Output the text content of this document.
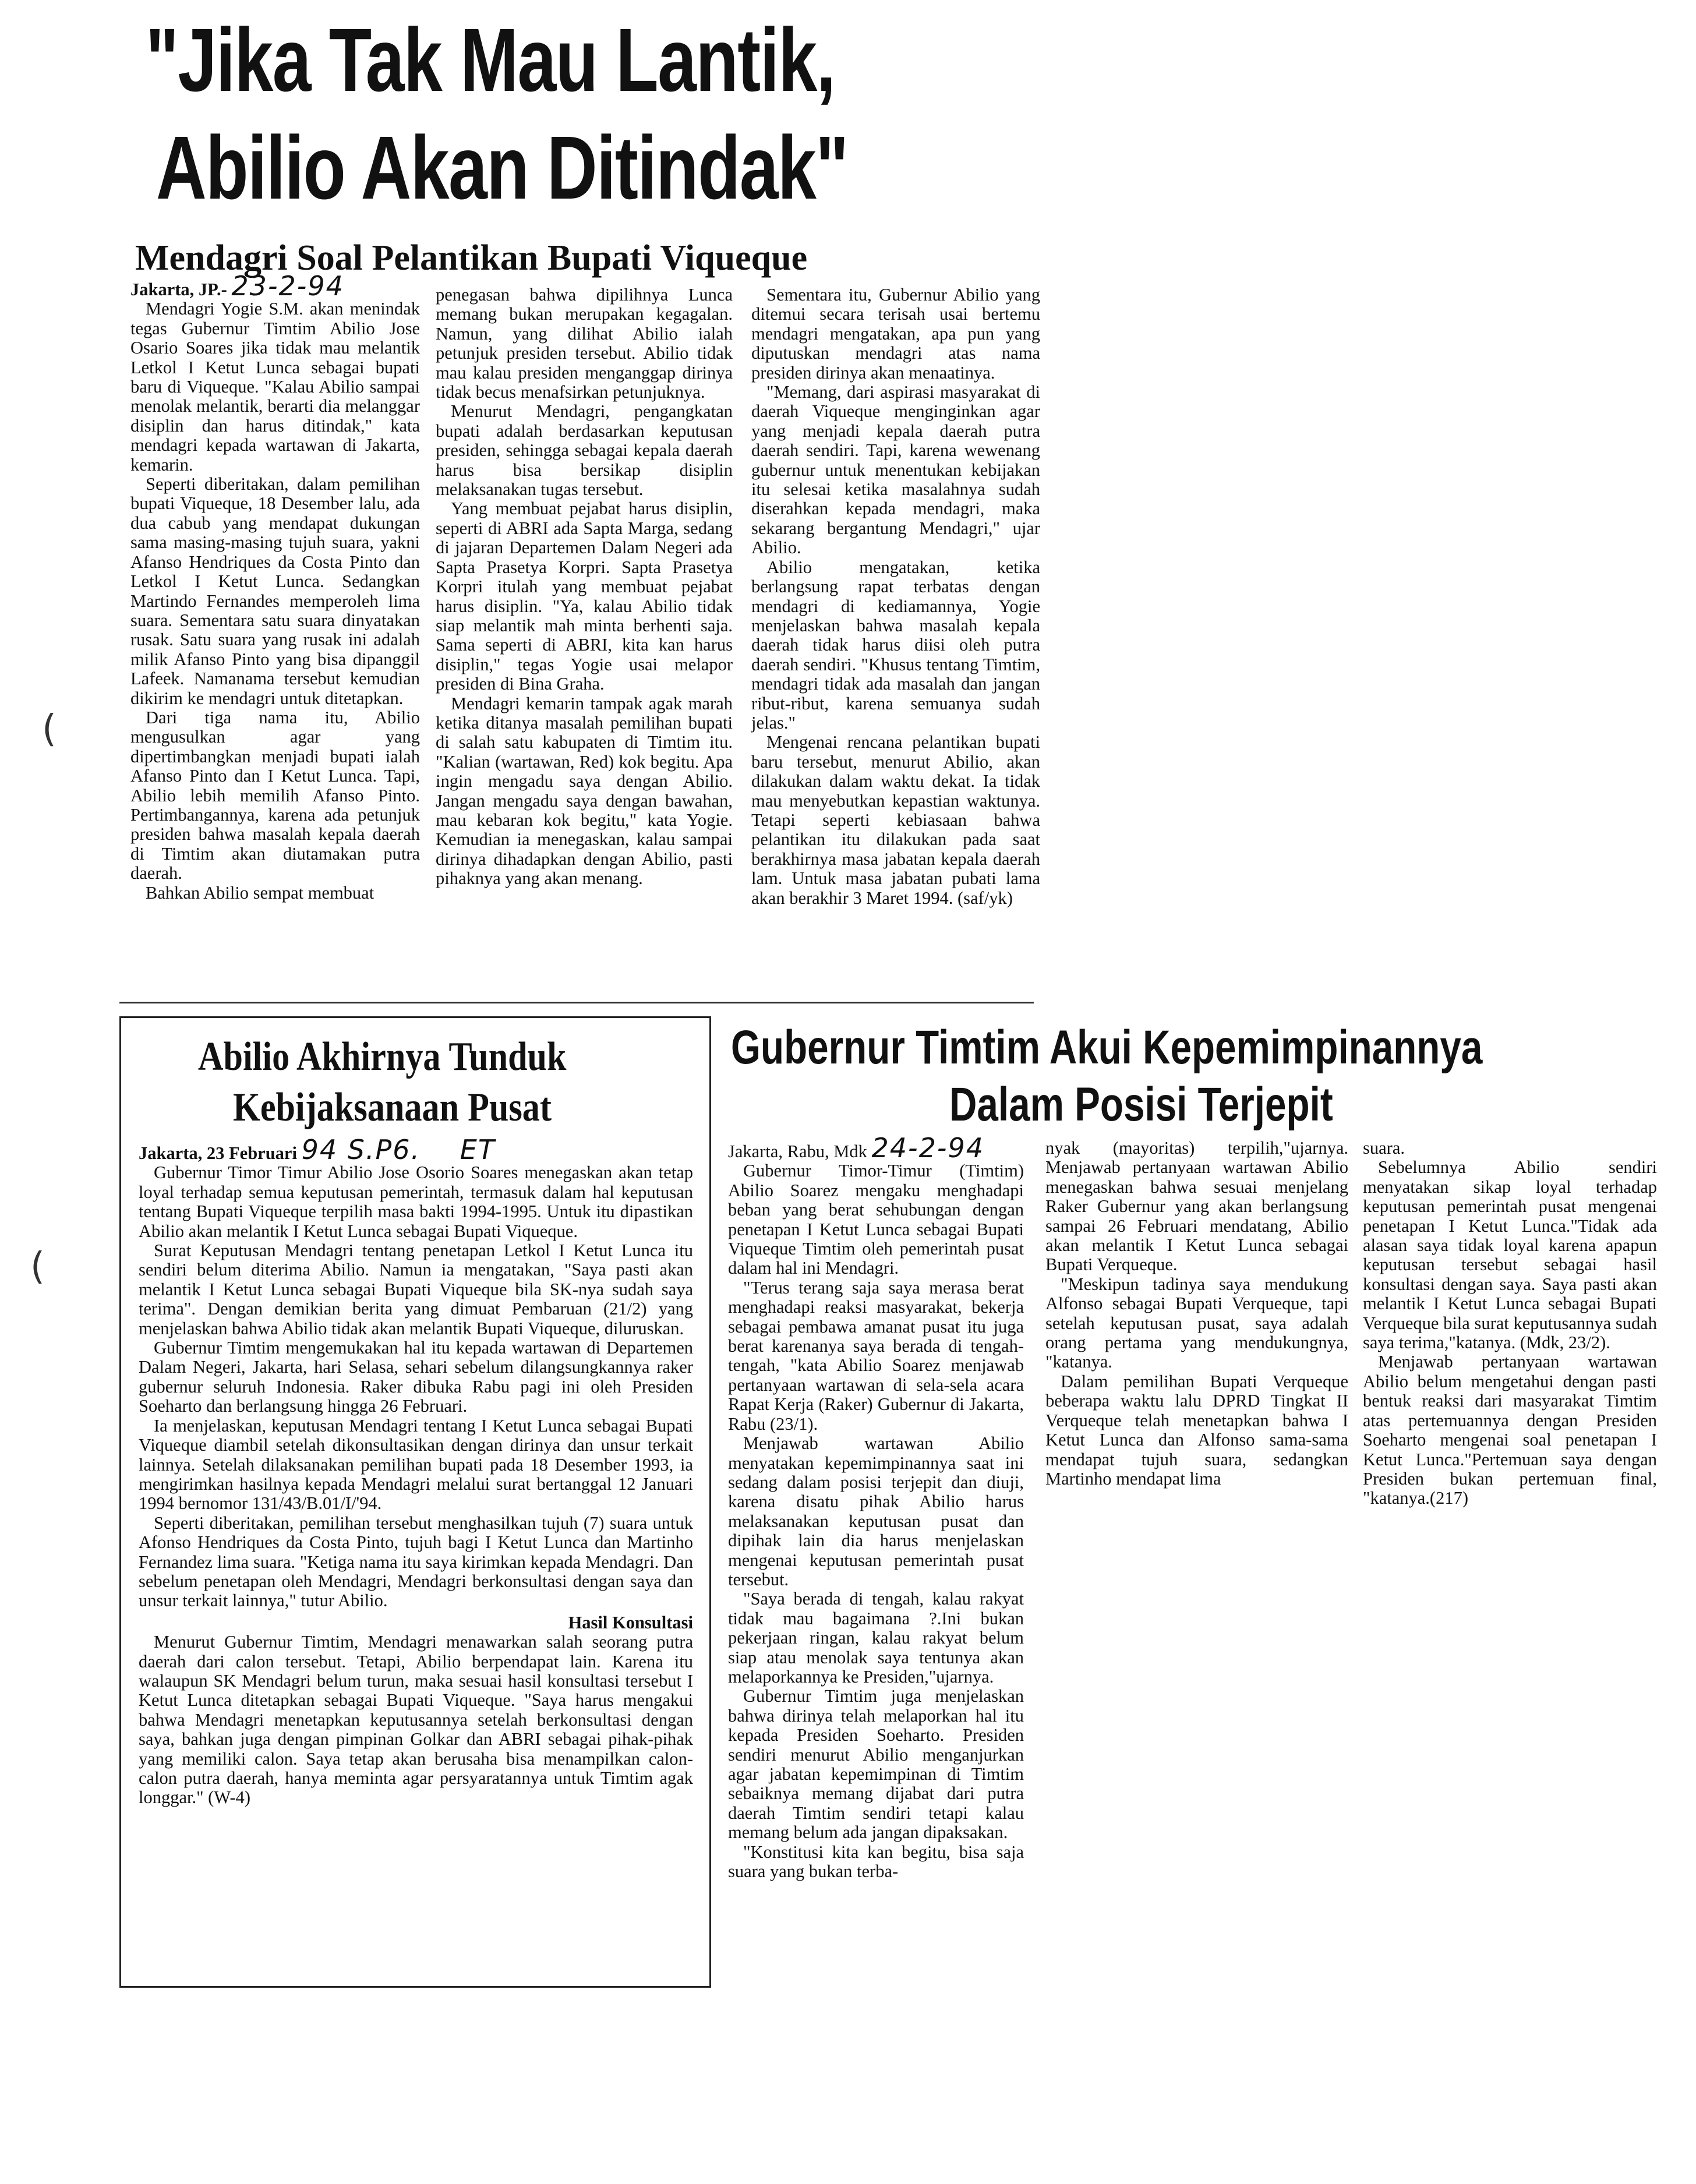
"Jika Tak Mau Lantik,
Abilio Akan Ditindak"
Mendagri Soal Pelantikan Bupati Viqueque

Jakarta, JP.- 23-2-94

Mendagri Yogie S.M. akan menindak tegas Gubernur Timtim Abilio Jose Osario Soares jika tidak mau melantik Letkol I Ketut Lunca sebagai bupati baru di Viqueque. "Kalau Abilio sampai menolak melantik, berarti dia melanggar disiplin dan harus ditindak," kata mendagri kepada wartawan di Jakarta, kemarin.

Seperti diberitakan, dalam pemilihan bupati Viqueque, 18 Desember lalu, ada dua cabub yang mendapat dukungan sama masing-masing tujuh suara, yakni Afanso Hendriques da Costa Pinto dan Letkol I Ketut Lunca. Sedangkan Martindo Fernandes memperoleh lima suara. Sementara satu suara dinyatakan rusak. Satu suara yang rusak ini adalah milik Afanso Pinto yang bisa dipanggil Lafeek. Namanama tersebut kemudian dikirim ke mendagri untuk ditetapkan.

Dari tiga nama itu, Abilio mengusulkan agar yang dipertimbangkan menjadi bupati ialah Afanso Pinto dan I Ketut Lunca. Tapi, Abilio lebih memilih Afanso Pinto. Pertimbangannya, karena ada petunjuk presiden bahwa masalah kepala daerah di Timtim akan diutamakan putra daerah.

Bahkan Abilio sempat membuat

penegasan bahwa dipilihnya Lunca memang bukan merupakan kegagalan. Namun, yang dilihat Abilio ialah petunjuk presiden tersebut. Abilio tidak mau kalau presiden menganggap dirinya tidak becus menafsirkan petunjuknya.

Menurut Mendagri, pengangkatan bupati adalah berdasarkan keputusan presiden, sehingga sebagai kepala daerah harus bisa bersikap disiplin melaksanakan tugas tersebut.

Yang membuat pejabat harus disiplin, seperti di ABRI ada Sapta Marga, sedang di jajaran Departemen Dalam Negeri ada Sapta Prasetya Korpri. Sapta Prasetya Korpri itulah yang membuat pejabat harus disiplin. "Ya, kalau Abilio tidak siap melantik mah minta berhenti saja. Sama seperti di ABRI, kita kan harus disiplin," tegas Yogie usai melapor presiden di Bina Graha.

Mendagri kemarin tampak agak marah ketika ditanya masalah pemilihan bupati di salah satu kabupaten di Timtim itu. "Kalian (wartawan, Red) kok begitu. Apa ingin mengadu saya dengan Abilio. Jangan mengadu saya dengan bawahan, mau kebaran kok begitu," kata Yogie. Kemudian ia menegaskan, kalau sampai dirinya dihadapkan dengan Abilio, pasti pihaknya yang akan menang.

Sementara itu, Gubernur Abilio yang ditemui secara terisah usai bertemu mendagri mengatakan, apa pun yang diputuskan mendagri atas nama presiden dirinya akan menaatinya.

"Memang, dari aspirasi masyarakat di daerah Viqueque menginginkan agar yang menjadi kepala daerah putra daerah sendiri. Tapi, karena wewenang gubernur untuk menentukan kebijakan itu selesai ketika masalahnya sudah diserahkan kepada mendagri, maka sekarang bergantung Mendagri," ujar Abilio.

Abilio mengatakan, ketika berlangsung rapat terbatas dengan mendagri di kediamannya, Yogie menjelaskan bahwa masalah kepala daerah tidak harus diisi oleh putra daerah sendiri. "Khusus tentang Timtim, mendagri tidak ada masalah dan jangan ribut-ribut, karena semuanya sudah jelas."

Mengenai rencana pelantikan bupati baru tersebut, menurut Abilio, akan dilakukan dalam waktu dekat. Ia tidak mau menyebutkan kepastian waktunya. Tetapi seperti kebiasaan bahwa pelantikan itu dilakukan pada saat berakhirnya masa jabatan kepala daerah lam. Untuk masa jabatan pubati lama akan berakhir 3 Maret 1994. (saf/yk)

Abilio Akhirnya Tunduk
Kebijaksanaan Pusat

Jakarta, 23 Februari 94 S.P6. ET

Gubernur Timor Timur Abilio Jose Osorio Soares menegaskan akan tetap loyal terhadap semua keputusan pemerintah, termasuk dalam hal keputusan tentang Bupati Viqueque terpilih masa bakti 1994-1995. Untuk itu dipastikan Abilio akan melantik I Ketut Lunca sebagai Bupati Viqueque.

Surat Keputusan Mendagri tentang penetapan Letkol I Ketut Lunca itu sendiri belum diterima Abilio. Namun ia mengatakan, "Saya pasti akan melantik I Ketut Lunca sebagai Bupati Viqueque bila SK-nya sudah saya terima". Dengan demikian berita yang dimuat Pembaruan (21/2) yang menjelaskan bahwa Abilio tidak akan melantik Bupati Viqueque, diluruskan.

Gubernur Timtim mengemukakan hal itu kepada wartawan di Departemen Dalam Negeri, Jakarta, hari Selasa, sehari sebelum dilangsungkannya raker gubernur seluruh Indonesia. Raker dibuka Rabu pagi ini oleh Presiden Soeharto dan berlangsung hingga 26 Februari.

Ia menjelaskan, keputusan Mendagri tentang I Ketut Lunca sebagai Bupati Viqueque diambil setelah dikonsultasikan dengan dirinya dan unsur terkait lainnya. Setelah dilaksanakan pemilihan bupati pada 18 Desember 1993, ia mengirimkan hasilnya kepada Mendagri melalui surat bertanggal 12 Januari 1994 bernomor 131/43/B.01/I/'94.

Seperti diberitakan, pemilihan tersebut menghasilkan tujuh (7) suara untuk Afonso Hendriques da Costa Pinto, tujuh bagi I Ketut Lunca dan Martinho Fernandez lima suara. "Ketiga nama itu saya kirimkan kepada Mendagri. Dan sebelum penetapan oleh Mendagri, Mendagri berkonsultasi dengan saya dan unsur terkait lainnya," tutur Abilio.

Hasil Konsultasi

Menurut Gubernur Timtim, Mendagri menawarkan salah seorang putra daerah dari calon tersebut. Tetapi, Abilio berpendapat lain. Karena itu walaupun SK Mendagri belum turun, maka sesuai hasil konsultasi tersebut I Ketut Lunca ditetapkan sebagai Bupati Viqueque. "Saya harus mengakui bahwa Mendagri menetapkan keputusannya setelah berkonsultasi dengan saya, bahkan juga dengan pimpinan Golkar dan ABRI sebagai pihak-pihak yang memiliki calon. Saya tetap akan berusaha bisa menampilkan calon- calon putra daerah, hanya meminta agar persyaratannya untuk Timtim agak longgar." (W-4)

Gubernur Timtim Akui Kepemimpinannya
Dalam Posisi Terjepit

Jakarta, Rabu, Mdk 24-2-94

Gubernur Timor-Timur (Timtim) Abilio Soarez mengaku menghadapi beban yang berat sehubungan dengan penetapan I Ketut Lunca sebagai Bupati Viqueque Timtim oleh pemerintah pusat dalam hal ini Mendagri.

"Terus terang saja saya merasa berat menghadapi reaksi masyarakat, bekerja sebagai pembawa amanat pusat itu juga berat karenanya saya berada di tengah-tengah, "kata Abilio Soarez menjawab pertanyaan wartawan di sela-sela acara Rapat Kerja (Raker) Gubernur di Jakarta, Rabu (23/1).

Menjawab wartawan Abilio menyatakan kepemimpinannya saat ini sedang dalam posisi terjepit dan diuji, karena disatu pihak Abilio harus melaksanakan keputusan pusat dan dipihak lain dia harus menjelaskan mengenai keputusan pemerintah pusat tersebut.

"Saya berada di tengah, kalau rakyat tidak mau bagaimana ?.Ini bukan pekerjaan ringan, kalau rakyat belum siap atau menolak saya tentunya akan melaporkannya ke Presiden,"ujarnya.

Gubernur Timtim juga menjelaskan bahwa dirinya telah melaporkan hal itu kepada Presiden Soeharto. Presiden sendiri menurut Abilio menganjurkan agar jabatan kepemimpinan di Timtim sebaiknya memang dijabat dari putra daerah Timtim sendiri tetapi kalau memang belum ada jangan dipaksakan.

"Konstitusi kita kan begitu, bisa saja suara yang bukan terba-

nyak (mayoritas) terpilih,"ujarnya. Menjawab pertanyaan wartawan Abilio menegaskan bahwa sesuai menjelang Raker Gubernur yang akan berlangsung sampai 26 Februari mendatang, Abilio akan melantik I Ketut Lunca sebagai Bupati Verqueque.

"Meskipun tadinya saya mendukung Alfonso sebagai Bupati Verqueque, tapi setelah keputusan pusat, saya adalah orang pertama yang mendukungnya, "katanya.

Dalam pemilihan Bupati Verqueque beberapa waktu lalu DPRD Tingkat II Verqueque telah menetapkan bahwa I Ketut Lunca dan Alfonso sama-sama mendapat tujuh suara, sedangkan Martinho mendapat lima

suara.

Sebelumnya Abilio sendiri menyatakan sikap loyal terhadap keputusan pemerintah pusat mengenai penetapan I Ketut Lunca."Tidak ada alasan saya tidak loyal karena apapun keputusan tersebut sebagai hasil konsultasi dengan saya. Saya pasti akan melantik I Ketut Lunca sebagai Bupati Verqueque bila surat keputusannya sudah saya terima,"katanya. (Mdk, 23/2).

Menjawab pertanyaan wartawan Abilio belum mengetahui dengan pasti bentuk reaksi dari masyarakat Timtim atas pertemuannya dengan Presiden Soeharto mengenai soal penetapan I Ketut Lunca."Pertemuan saya dengan Presiden bukan pertemuan final, "katanya.(217)

(
(
